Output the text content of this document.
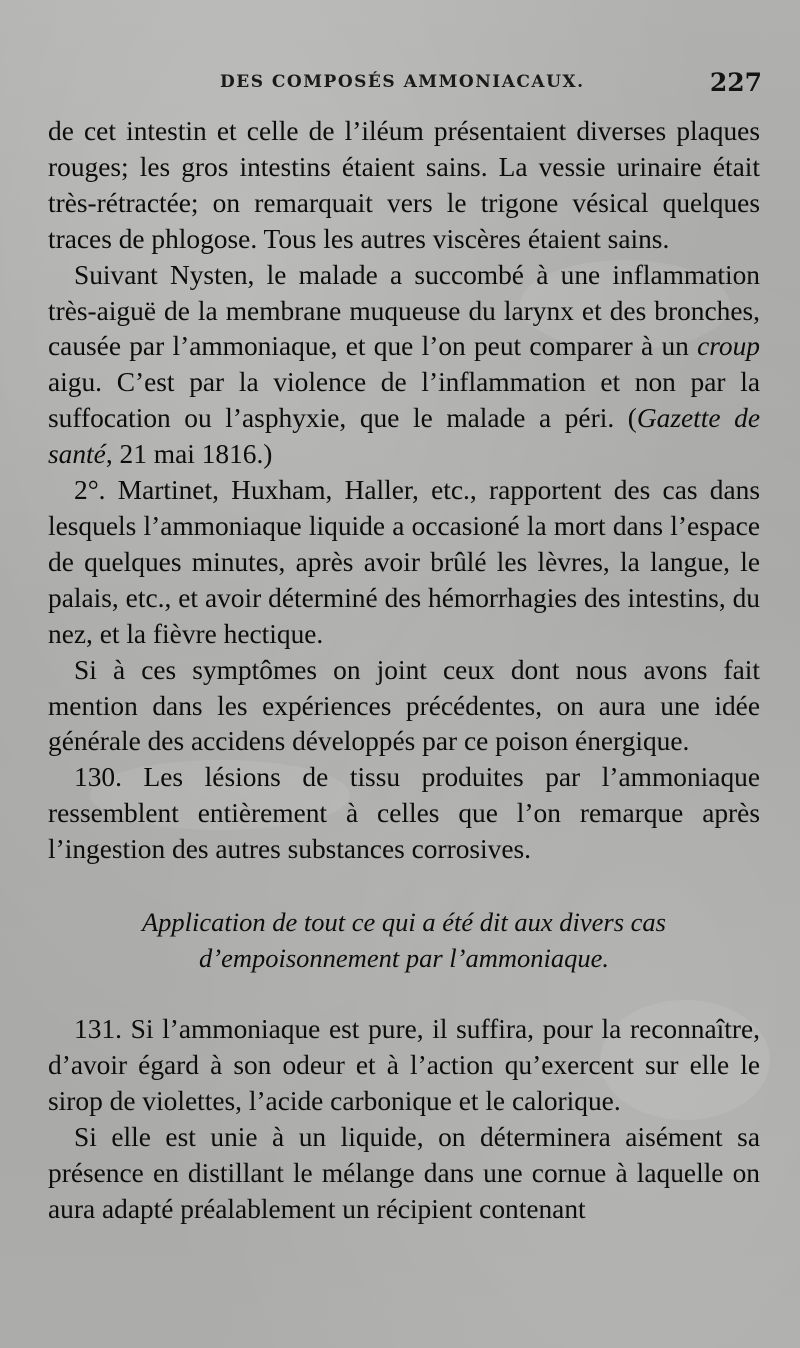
DES COMPOSÉS AMMONIACAUX.	227

de cet intestin et celle de l’iléum présentaient diverses plaques rouges; les gros intestins étaient sains. La vessie urinaire était très-rétractée; on remarquait vers le trigone vésical quelques traces de phlogose. Tous les autres viscères étaient sains.

Suivant Nysten, le malade a succombé à une inflammation très-aiguë de la membrane muqueuse du larynx et des bronches, causée par l’ammoniaque, et que l’on peut comparer à un croup aigu. C’est par la violence de l’inflammation et non par la suffocation ou l’asphyxie, que le malade a péri. (Gazette de santé, 21 mai 1816.)

2°. Martinet, Huxham, Haller, etc., rapportent des cas dans lesquels l’ammoniaque liquide a occasioné la mort dans l’espace de quelques minutes, après avoir brûlé les lèvres, la langue, le palais, etc., et avoir déterminé des hémorrhagies des intestins, du nez, et la fièvre hectique.

Si à ces symptômes on joint ceux dont nous avons fait mention dans les expériences précédentes, on aura une idée générale des accidens développés par ce poison énergique.

130. Les lésions de tissu produites par l’ammoniaque ressemblent entièrement à celles que l’on remarque après l’ingestion des autres substances corrosives.

Application de tout ce qui a été dit aux divers cas d’empoisonnement par l’ammoniaque.

131. Si l’ammoniaque est pure, il suffira, pour la reconnaître, d’avoir égard à son odeur et à l’action qu’exercent sur elle le sirop de violettes, l’acide carbonique et le calorique.

Si elle est unie à un liquide, on déterminera aisément sa présence en distillant le mélange dans une cornue à laquelle on aura adapté préalablement un récipient contenant
